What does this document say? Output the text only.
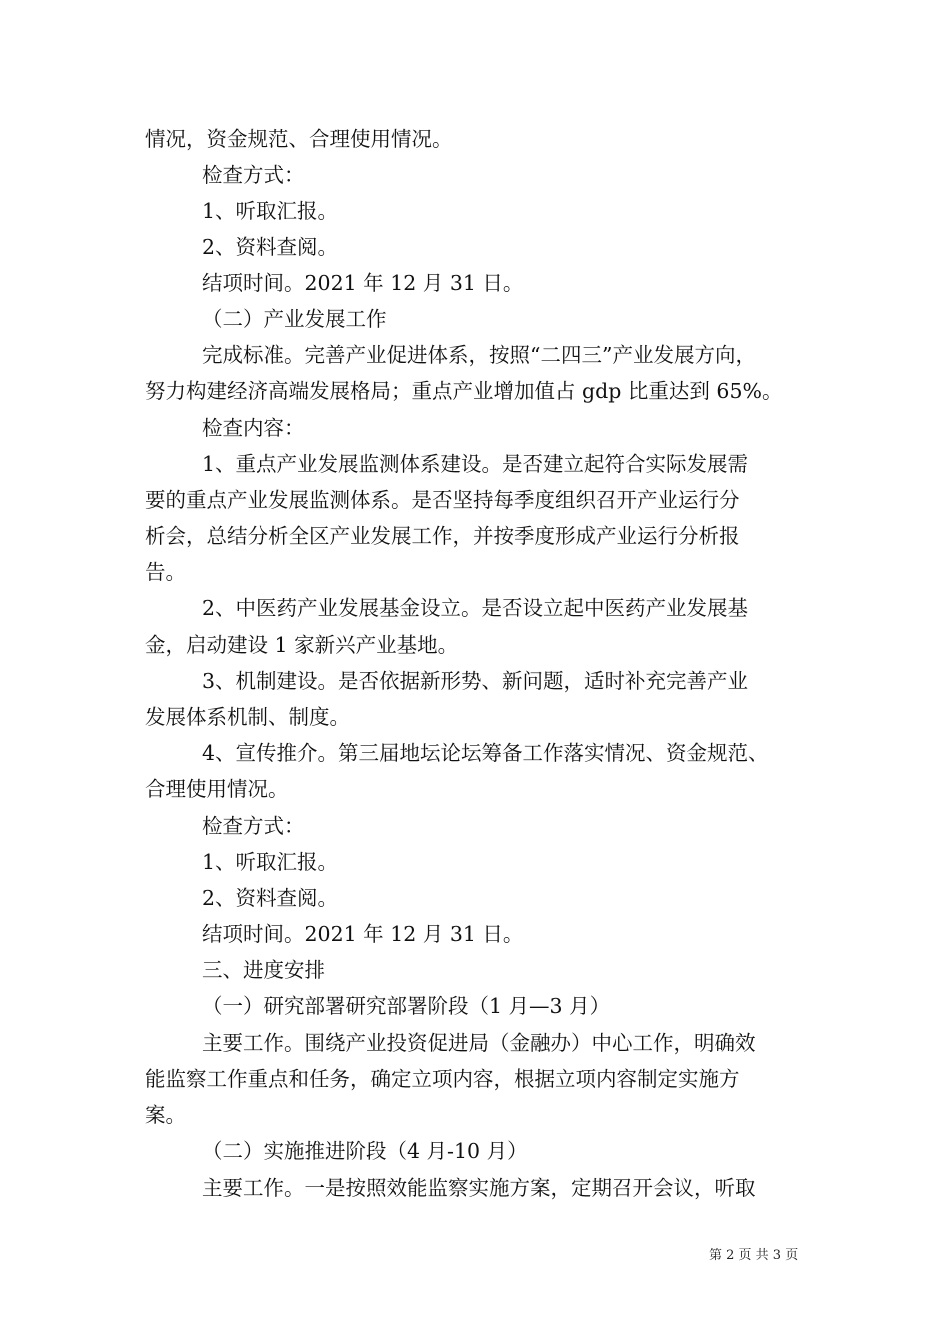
情况，资金规范、合理使用情况。
检查方式：
1、听取汇报。
2、资料查阅。
结项时间。2021 年 12 月 31 日。
（二）产业发展工作
完成标准。完善产业促进体系，按照“二四三”产业发展方向，
努力构建经济高端发展格局；重点产业增加值占 gdp 比重达到 65%。
检查内容：
1、重点产业发展监测体系建设。是否建立起符合实际发展需
要的重点产业发展监测体系。是否坚持每季度组织召开产业运行分
析会，总结分析全区产业发展工作，并按季度形成产业运行分析报
告。
2、中医药产业发展基金设立。是否设立起中医药产业发展基
金，启动建设 1 家新兴产业基地。
3、机制建设。是否依据新形势、新问题，适时补充完善产业
发展体系机制、制度。
4、宣传推介。第三届地坛论坛筹备工作落实情况、资金规范、
合理使用情况。
检查方式：
1、听取汇报。
2、资料查阅。
结项时间。2021 年 12 月 31 日。
三、进度安排
（一）研究部署研究部署阶段（1 月—3 月）
主要工作。围绕产业投资促进局（金融办）中心工作，明确效
能监察工作重点和任务，确定立项内容，根据立项内容制定实施方
案。
（二）实施推进阶段（4 月-10 月）
主要工作。一是按照效能监察实施方案，定期召开会议，听取
第 2 页 共 3 页
